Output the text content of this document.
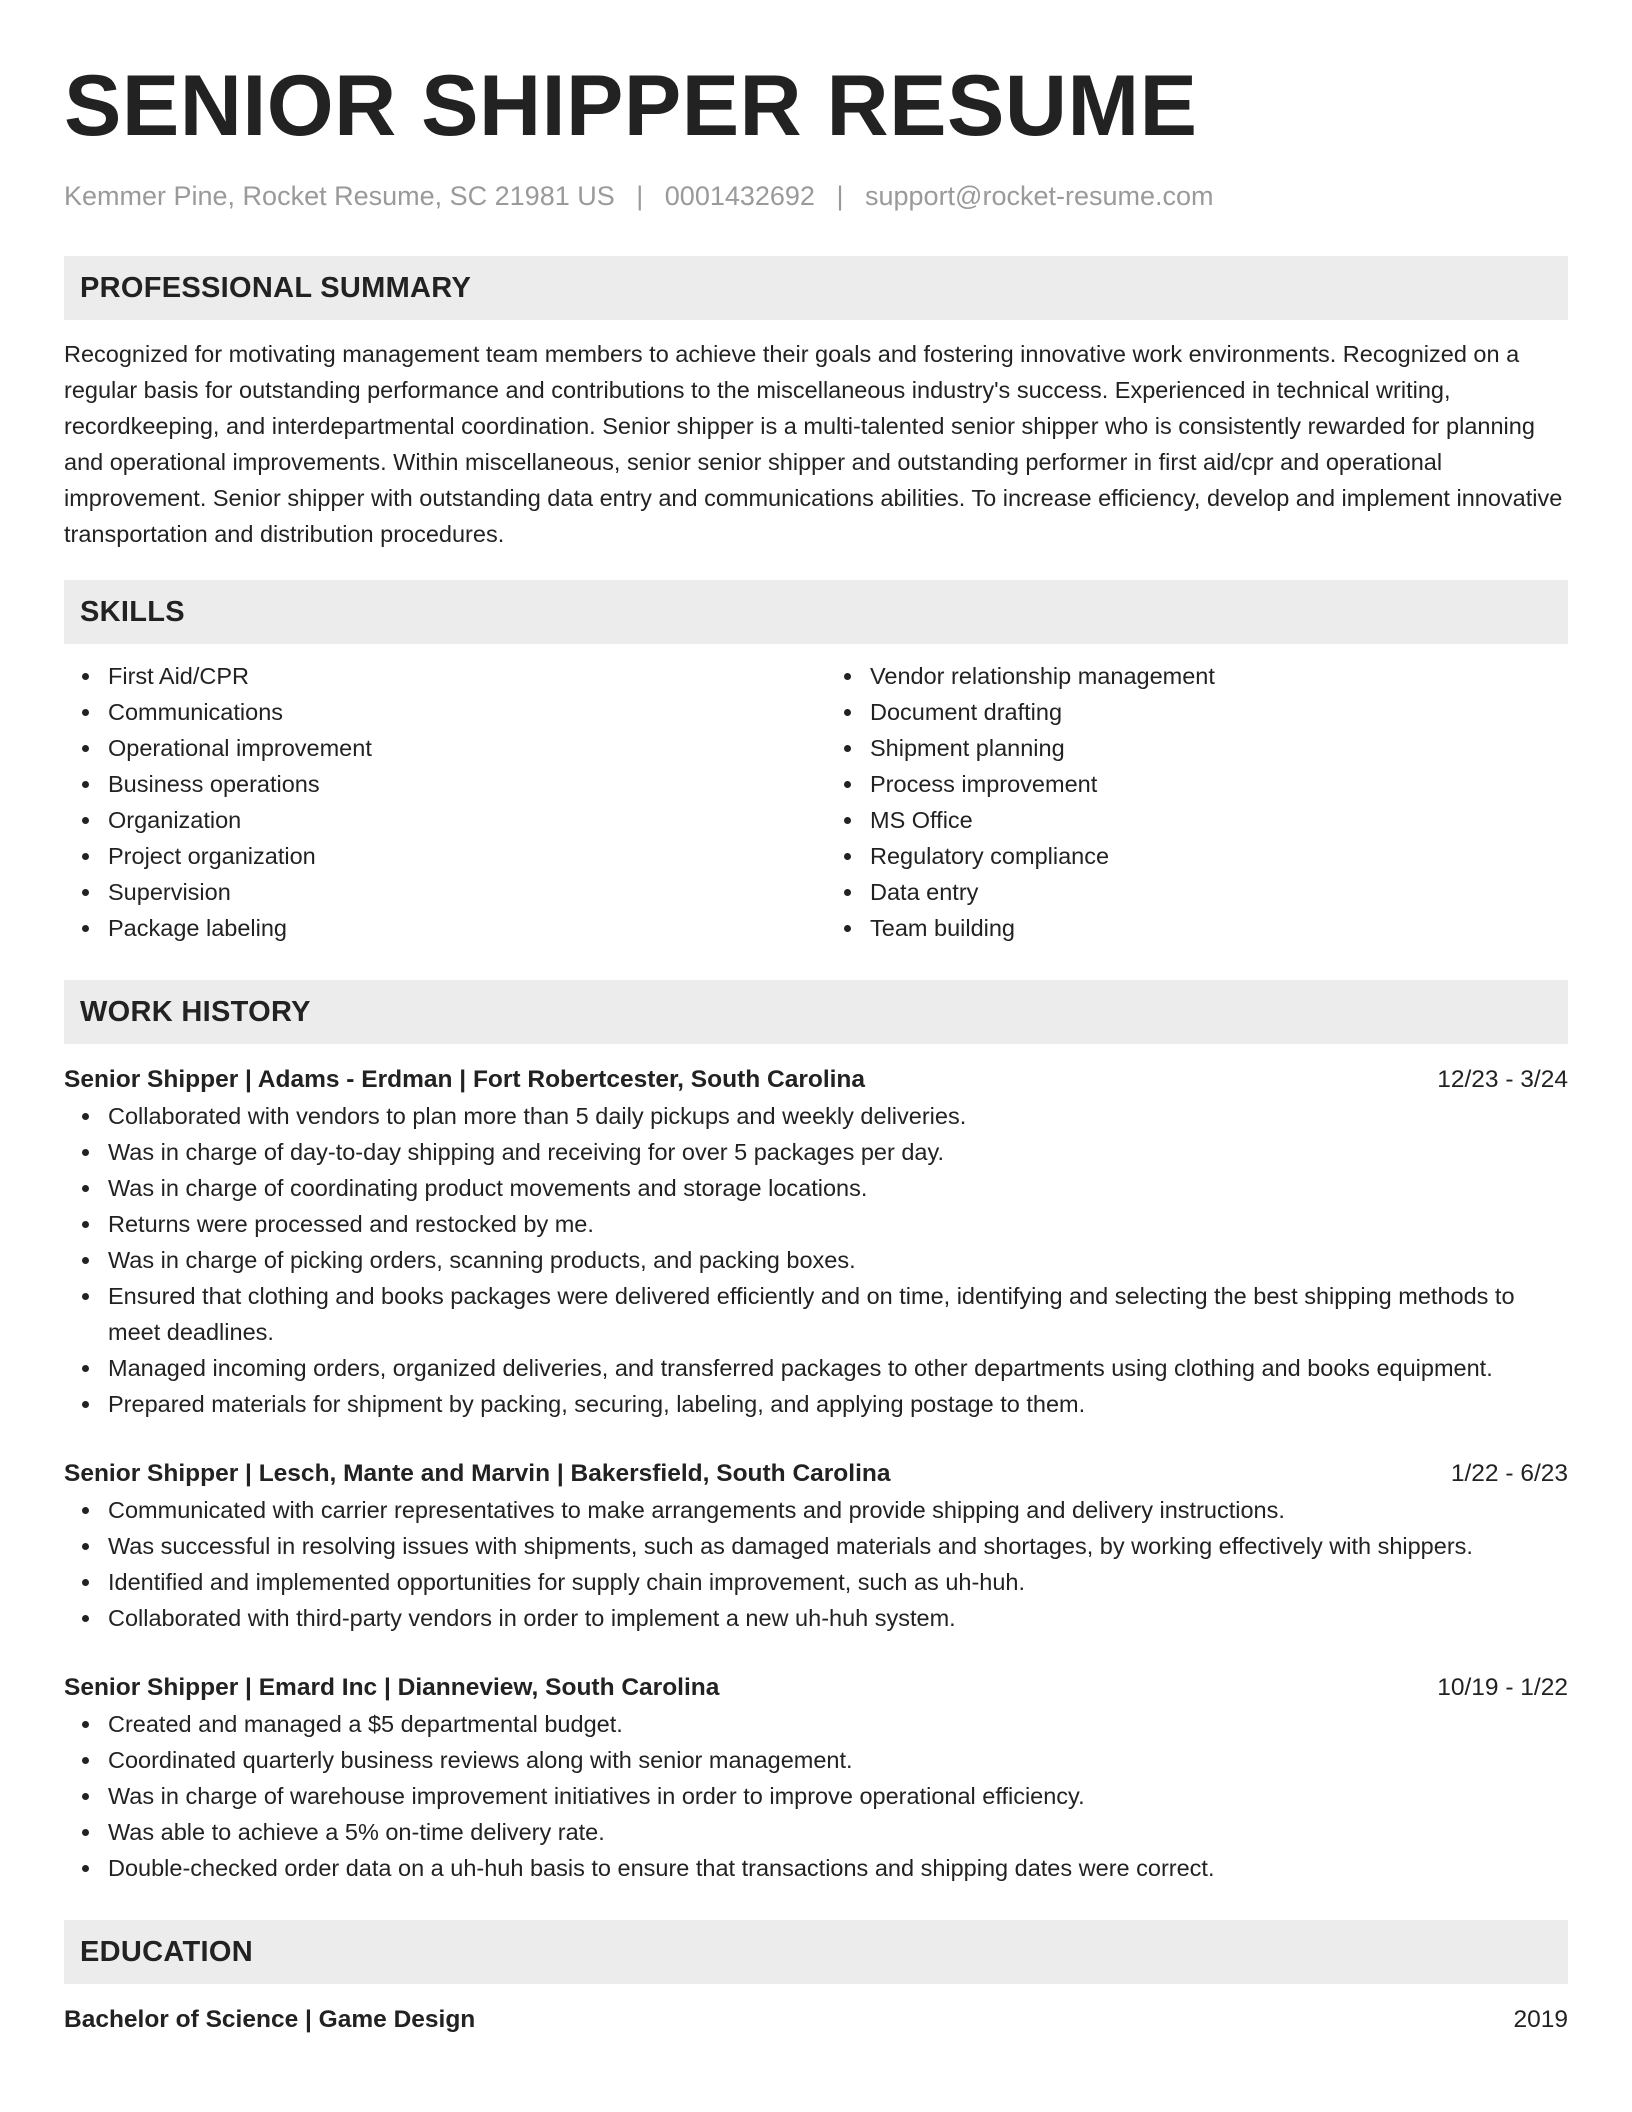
SENIOR SHIPPER RESUME
Kemmer Pine, Rocket Resume, SC 21981 US | 0001432692 | support@rocket-resume.com
PROFESSIONAL SUMMARY

Recognized for motivating management team members to achieve their goals and fostering innovative work environments. Recognized on a regular basis for outstanding performance and contributions to the miscellaneous industry's success. Experienced in technical writing, recordkeeping, and interdepartmental coordination. Senior shipper is a multi-talented senior shipper who is consistently rewarded for planning and operational improvements. Within miscellaneous, senior senior shipper and outstanding performer in first aid/cpr and operational improvement. Senior shipper with outstanding data entry and communications abilities. To increase efficiency, develop and implement innovative transportation and distribution procedures.

SKILLS
First Aid/CPR
Communications
Operational improvement
Business operations
Organization
Project organization
Supervision
Package labeling
Vendor relationship management
Document drafting
Shipment planning
Process improvement
MS Office
Regulatory compliance
Data entry
Team building
WORK HISTORY
Senior Shipper | Adams - Erdman | Fort Robertcester, South Carolina	12/23 - 3/24
Collaborated with vendors to plan more than 5 daily pickups and weekly deliveries.
Was in charge of day-to-day shipping and receiving for over 5 packages per day.
Was in charge of coordinating product movements and storage locations.
Returns were processed and restocked by me.
Was in charge of picking orders, scanning products, and packing boxes.
Ensured that clothing and books packages were delivered efficiently and on time, identifying and selecting the best shipping methods to meet deadlines.
Managed incoming orders, organized deliveries, and transferred packages to other departments using clothing and books equipment.
Prepared materials for shipment by packing, securing, labeling, and applying postage to them.
Senior Shipper | Lesch, Mante and Marvin | Bakersfield, South Carolina	1/22 - 6/23
Communicated with carrier representatives to make arrangements and provide shipping and delivery instructions.
Was successful in resolving issues with shipments, such as damaged materials and shortages, by working effectively with shippers.
Identified and implemented opportunities for supply chain improvement, such as uh-huh.
Collaborated with third-party vendors in order to implement a new uh-huh system.
Senior Shipper | Emard Inc | Dianneview, South Carolina	10/19 - 1/22
Created and managed a $5 departmental budget.
Coordinated quarterly business reviews along with senior management.
Was in charge of warehouse improvement initiatives in order to improve operational efficiency.
Was able to achieve a 5% on-time delivery rate.
Double-checked order data on a uh-huh basis to ensure that transactions and shipping dates were correct.
EDUCATION
Bachelor of Science | Game Design	2019
